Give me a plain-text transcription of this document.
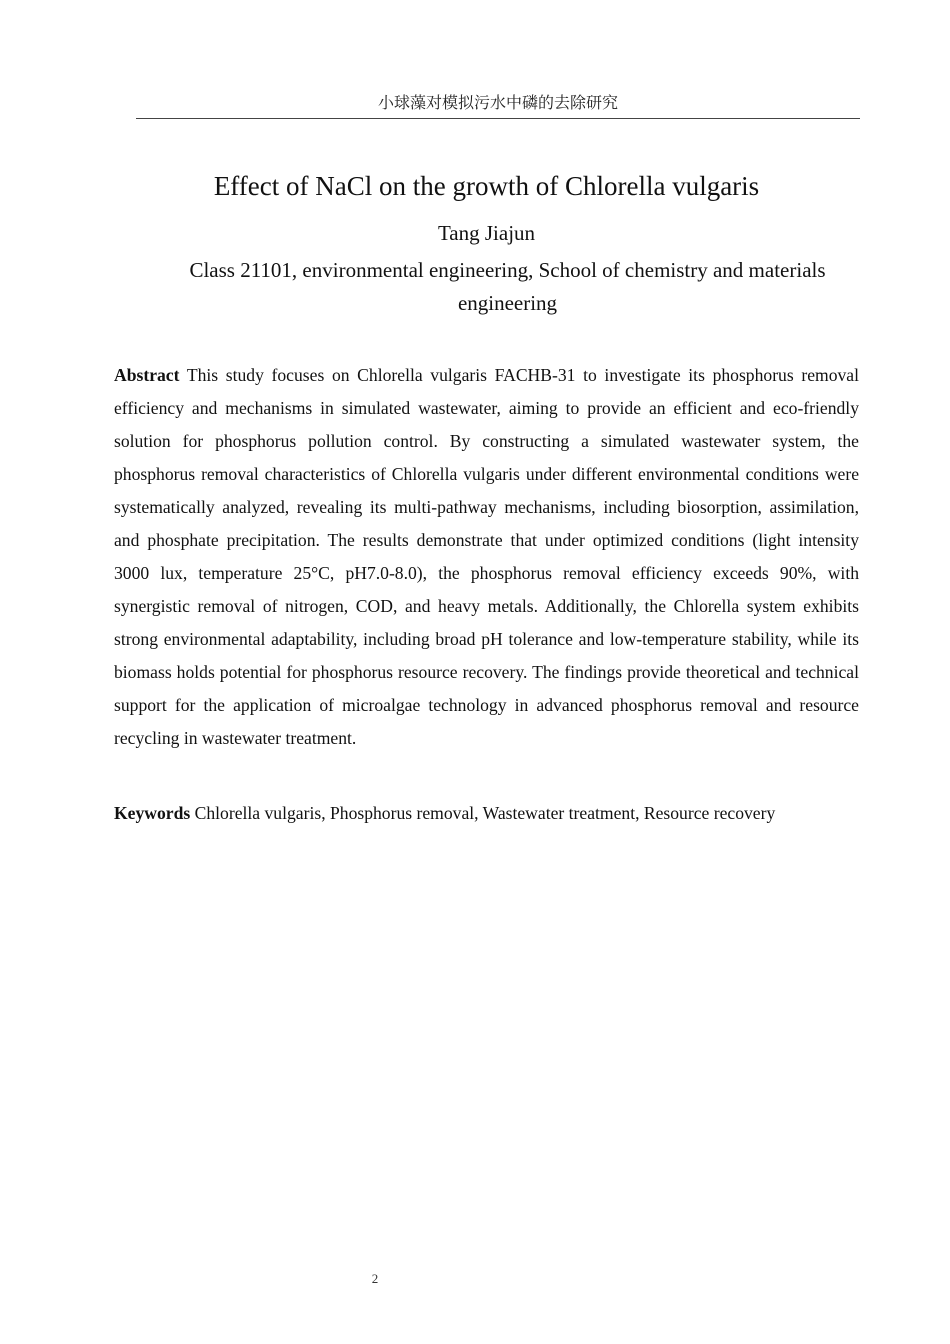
小球藻对模拟污水中磷的去除研究
Effect of NaCl on the growth of Chlorella vulgaris
Tang Jiajun
Class 21101, environmental engineering, School of chemistry and materials engineering

Abstract This study focuses on Chlorella vulgaris FACHB-31 to investigate its phosphorus removal efficiency and mechanisms in simulated wastewater, aiming to provide an efficient and eco-friendly solution for phosphorus pollution control. By constructing a simulated wastewater system, the phosphorus removal characteristics of Chlorella vulgaris under different environmental conditions were systematically analyzed, revealing its multi-pathway mechanisms, including biosorption, assimilation, and phosphate precipitation. The results demonstrate that under optimized conditions (light intensity 3000 lux, temperature 25°C, pH7.0-8.0), the phosphorus removal efficiency exceeds 90%, with synergistic removal of nitrogen, COD, and heavy metals. Additionally, the Chlorella system exhibits strong environmental adaptability, including broad pH tolerance and low-temperature stability, while its biomass holds potential for phosphorus resource recovery. The findings provide theoretical and technical support for the application of microalgae technology in advanced phosphorus removal and resource recycling in wastewater treatment.

Keywords Chlorella vulgaris, Phosphorus removal, Wastewater treatment, Resource recovery

2
